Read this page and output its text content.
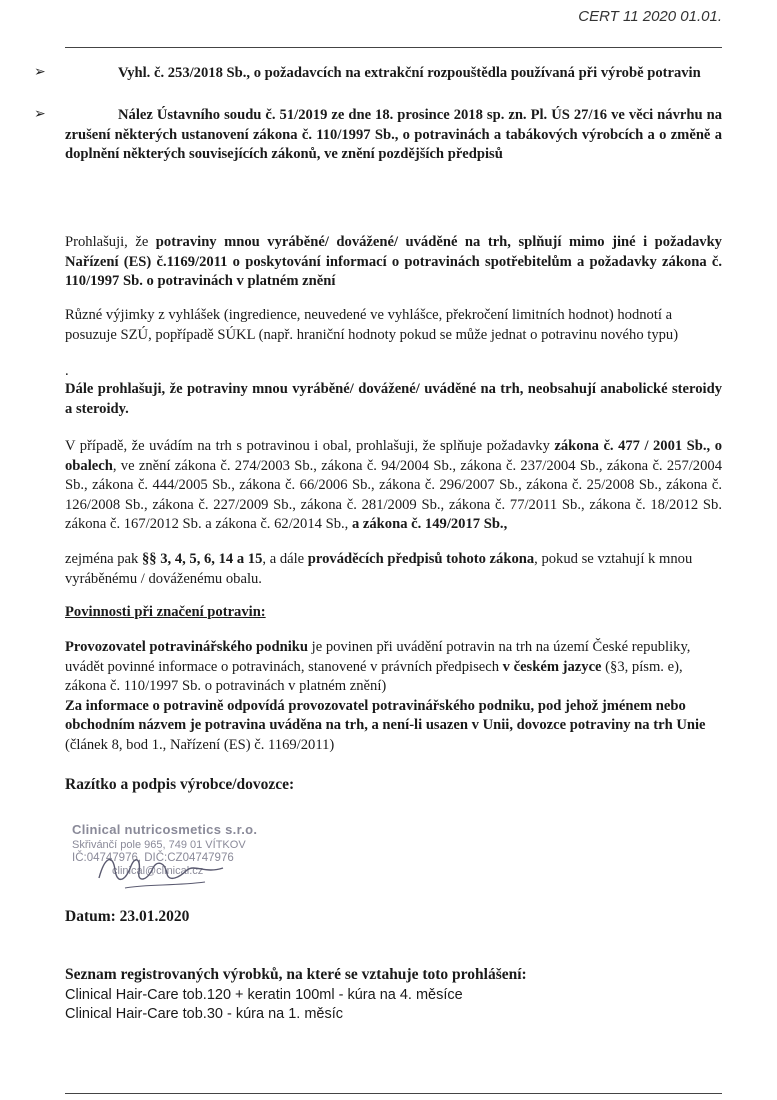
CERT 11 2020 01.01.
➢	Vyhl. č. 253/2018 Sb., o požadavcích na extrakční rozpouštědla používaná při výrobě potravin
➢	Nález Ústavního soudu č. 51/2019 ze dne 18. prosince 2018 sp. zn. Pl. ÚS 27/16 ve věci návrhu na zrušení některých ustanovení zákona č. 110/1997 Sb., o potravinách a tabákových výrobcích a o změně a doplnění některých souvisejících zákonů, ve znění pozdějších předpisů
Prohlašuji, že potraviny mnou vyráběné/ dovážené/ uváděné na trh, splňují mimo jiné i požadavky Nařízení (ES) č.1169/2011 o poskytování informací o potravinách spotřebitelům a požadavky zákona č. 110/1997 Sb. o potravinách v platném znění
Různé výjimky z vyhlášek (ingredience, neuvedené ve vyhlášce, překročení limitních hodnot) hodnotí a posuzuje SZÚ, popřípadě SÚKL (např. hraniční hodnoty pokud se může jednat o potravinu nového typu)
.
Dále prohlašuji, že potraviny mnou vyráběné/ dovážené/ uváděné na trh, neobsahují anabolické steroidy a steroidy.
V případě, že uvádím na trh s potravinou i obal, prohlašuji, že splňuje požadavky zákona č. 477 / 2001 Sb., o obalech, ve znění zákona č. 274/2003 Sb., zákona č. 94/2004 Sb., zákona č. 237/2004 Sb., zákona č. 257/2004 Sb., zákona č. 444/2005 Sb., zákona č. 66/2006 Sb., zákona č. 296/2007 Sb., zákona č. 25/2008 Sb., zákona č. 126/2008 Sb., zákona č. 227/2009 Sb., zákona č. 281/2009 Sb., zákona č. 77/2011 Sb., zákona č. 18/2012 Sb. zákona č. 167/2012 Sb. a zákona č. 62/2014 Sb., a zákona č. 149/2017 Sb.,
zejména pak §§ 3, 4, 5, 6, 14 a 15, a dále prováděcích předpisů tohoto zákona, pokud se vztahují k mnou vyráběnému / dováženému obalu.
Povinnosti při značení potravin:
Provozovatel potravinářského podniku je povinen při uvádění potravin na trh na území České republiky, uvádět povinné informace o potravinách, stanovené v právních předpisech v českém jazyce (§3, písm. e), zákona č. 110/1997 Sb. o potravinách v platném znění)
Za informace o potravině odpovídá provozovatel potravinářského podniku, pod jehož jménem nebo obchodním názvem je potravina uváděna na trh, a není-li usazen v Unii, dovozce potraviny na trh Unie (článek 8, bod 1., Nařízení (ES) č. 1169/2011)
Razítko a podpis výrobce/dovozce:
Clinical nutricosmetics s.r.o.
Skřivánčí pole 965, 749 01 VÍTKOV
IČ:04747976, DIČ:CZ04747976
clinical@clinical.cz
Datum: 23.01.2020
Seznam registrovaných výrobků, na které se vztahuje toto prohlášení:
Clinical Hair-Care tob.120 + keratin 100ml - kúra na 4. měsíce
Clinical Hair-Care tob.30 - kúra na 1. měsíc
